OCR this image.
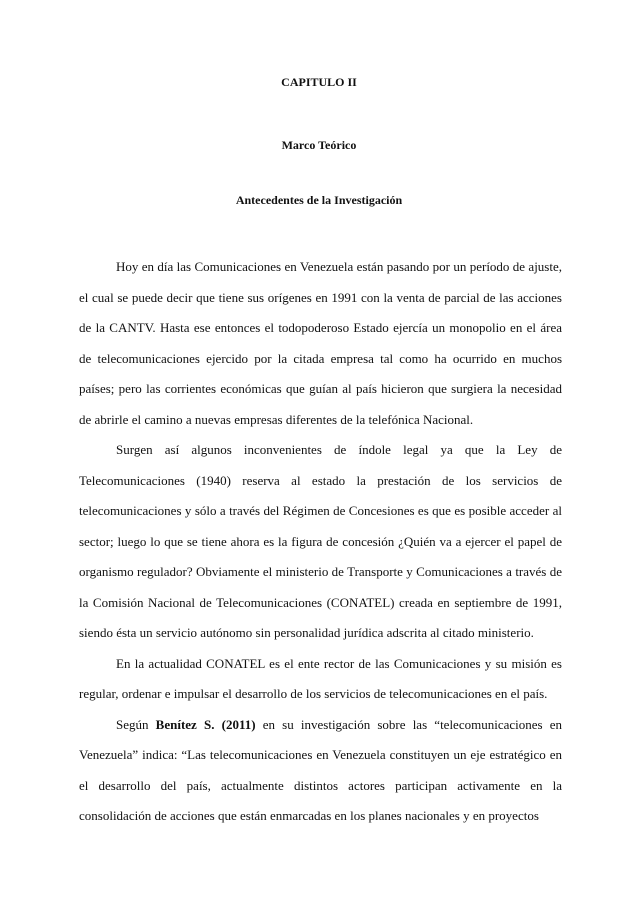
CAPITULO II
Marco Teórico
Antecedentes de la Investigación

Hoy en día las Comunicaciones en Venezuela están pasando por un período de ajuste, el cual se puede decir que tiene sus orígenes en 1991 con la venta de parcial de las acciones de la CANTV. Hasta ese entonces el todopoderoso Estado ejercía un monopolio en el área de telecomunicaciones ejercido por la citada empresa tal como ha ocurrido en muchos países; pero las corrientes económicas que guían al país hicieron que surgiera la necesidad de abrirle el camino a nuevas empresas diferentes de la telefónica Nacional.

Surgen así algunos inconvenientes de índole legal ya que la Ley de Telecomunicaciones (1940) reserva al estado la prestación de los servicios de telecomunicaciones y sólo a través del Régimen de Concesiones es que es posible acceder al sector; luego lo que se tiene ahora es la figura de concesión ¿Quién va a ejercer el papel de organismo regulador? Obviamente el ministerio de Transporte y Comunicaciones a través de la Comisión Nacional de Telecomunicaciones (CONATEL) creada en septiembre de 1991, siendo ésta un servicio autónomo sin personalidad jurídica adscrita al citado ministerio.

En la actualidad CONATEL es el ente rector de las Comunicaciones y su misión es regular, ordenar e impulsar el desarrollo de los servicios de telecomunicaciones en el país.

Según Benítez S. (2011) en su investigación sobre las “telecomunicaciones en Venezuela” indica: “Las telecomunicaciones en Venezuela constituyen un eje estratégico en el desarrollo del país, actualmente distintos actores participan activamente en la consolidación de acciones que están enmarcadas en los planes nacionales y en proyectos
